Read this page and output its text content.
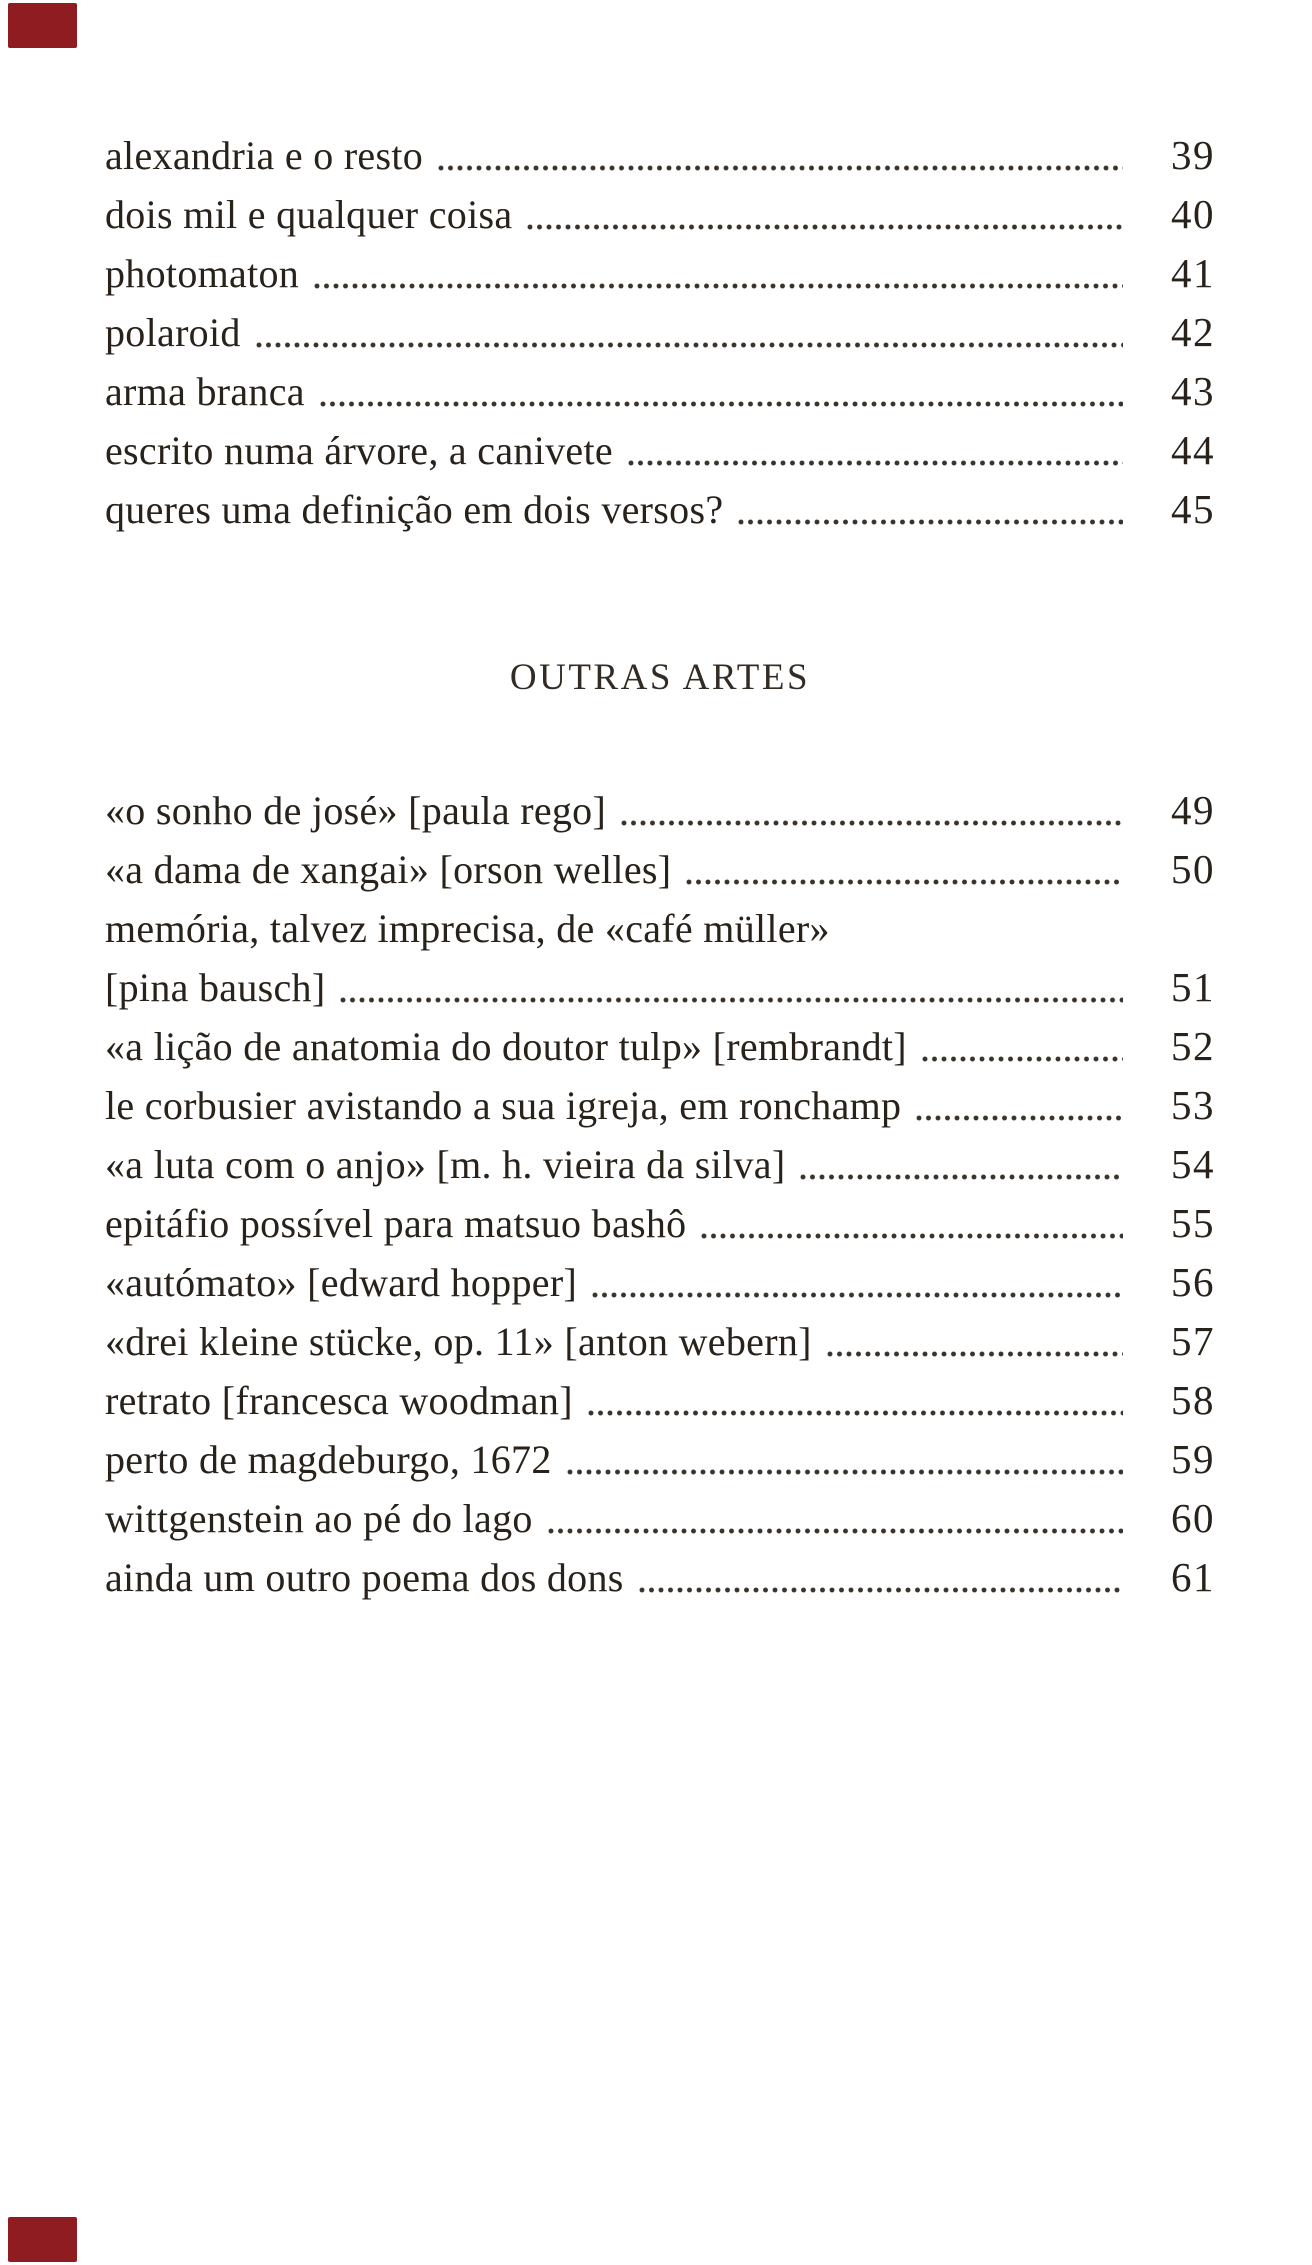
alexandria e o resto	39
dois mil e qualquer coisa	40
photomaton	41
polaroid	42
arma branca	43
escrito numa árvore, a canivete	44
queres uma definição em dois versos?	45
OUTRAS ARTES
«o sonho de josé» [paula rego]	49
«a dama de xangai» [orson welles]	50
memória, talvez imprecisa, de «café müller»
[pina bausch]	51
«a lição de anatomia do doutor tulp» [rembrandt]	52
le corbusier avistando a sua igreja, em ronchamp	53
«a luta com o anjo» [m. h. vieira da silva]	54
epitáfio possível para matsuo bashô	55
«autómato» [edward hopper]	56
«drei kleine stücke, op. 11» [anton webern]	57
retrato [francesca woodman]	58
perto de magdeburgo, 1672	59
wittgenstein ao pé do lago	60
ainda um outro poema dos dons	61
